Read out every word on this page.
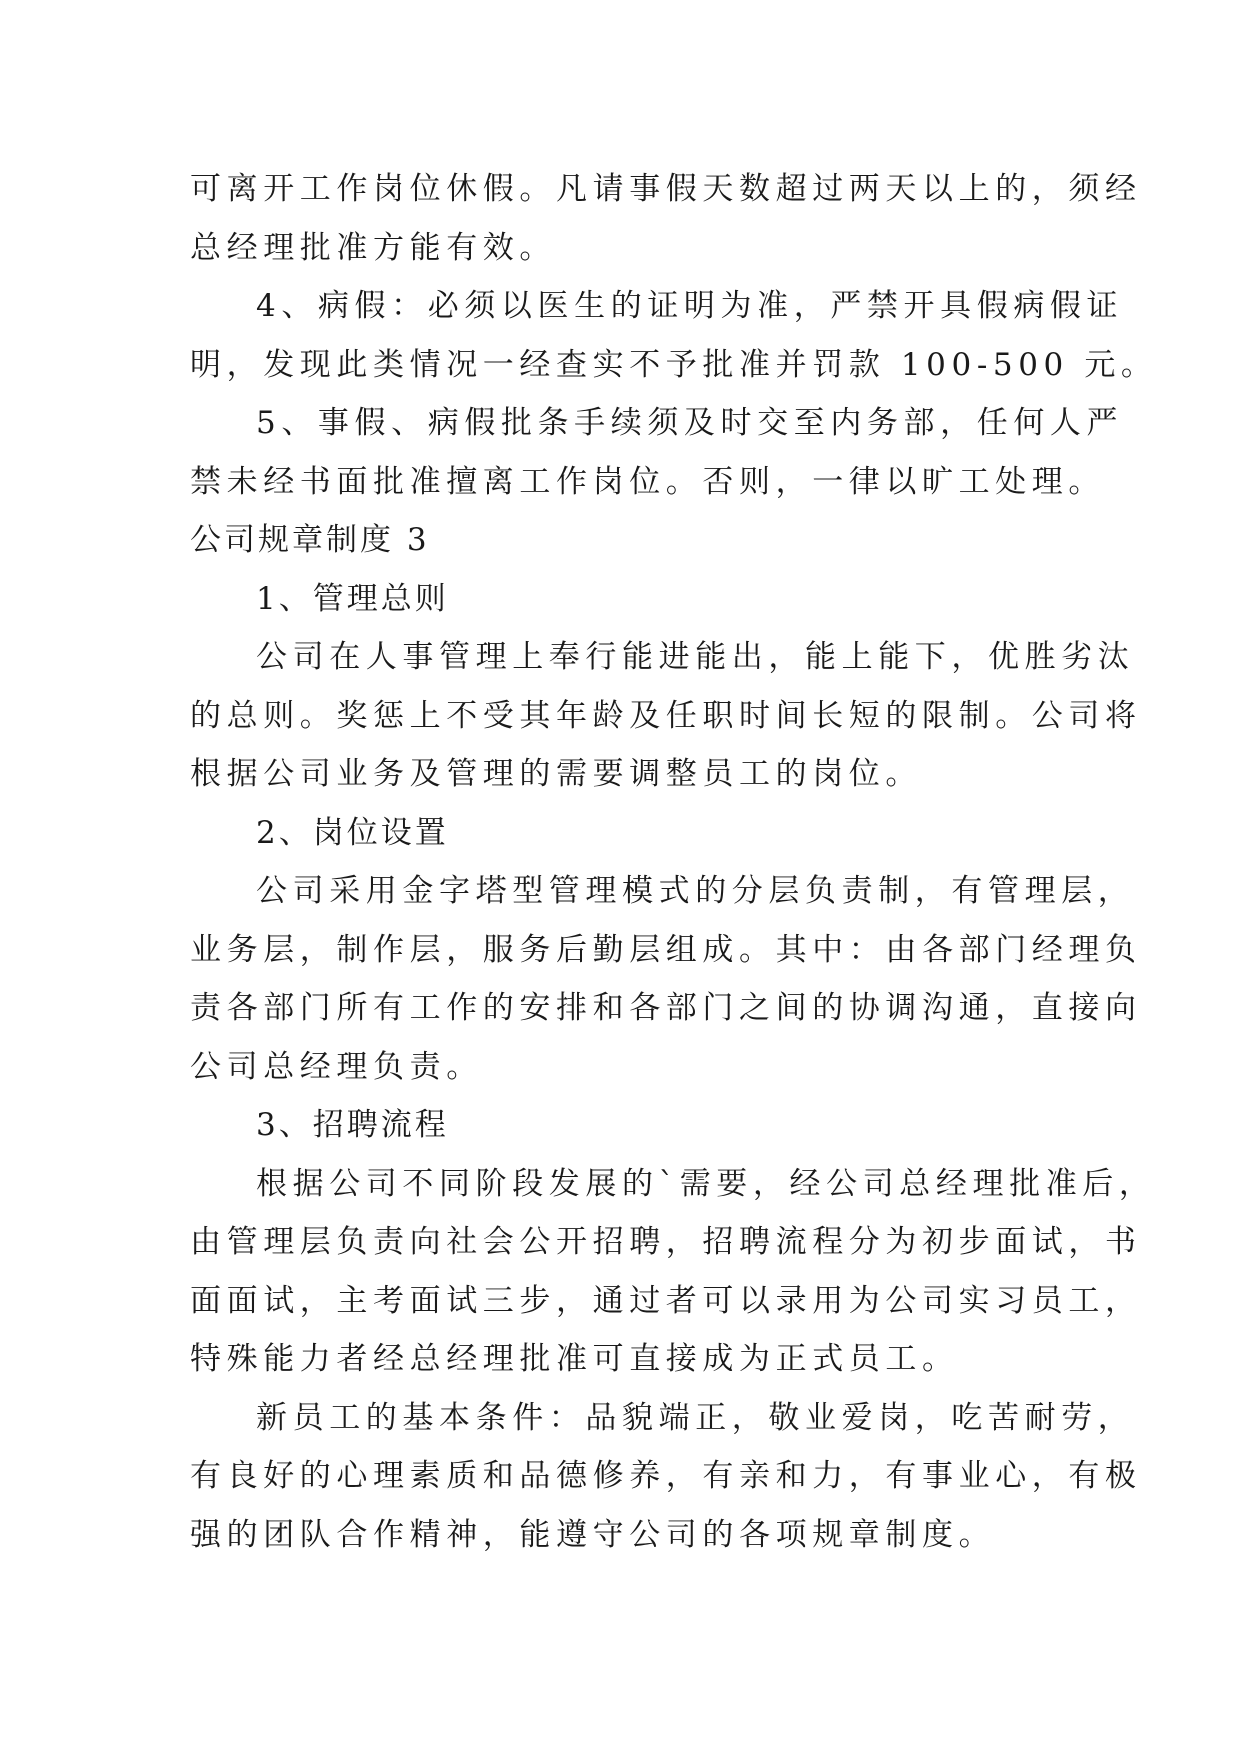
可离开工作岗位休假。凡请事假天数超过两天以上的，须经
总经理批准方能有效。
4、病假：必须以医生的证明为准，严禁开具假病假证
明，发现此类情况一经查实不予批准并罚款 100-500 元。
5、事假、病假批条手续须及时交至内务部，任何人严
禁未经书面批准擅离工作岗位。否则，一律以旷工处理。
公司规章制度 3
1、管理总则
公司在人事管理上奉行能进能出，能上能下，优胜劣汰
的总则。奖惩上不受其年龄及任职时间长短的限制。公司将
根据公司业务及管理的需要调整员工的岗位。
2、岗位设置
公司采用金字塔型管理模式的分层负责制，有管理层，
业务层，制作层，服务后勤层组成。其中：由各部门经理负
责各部门所有工作的安排和各部门之间的协调沟通，直接向
公司总经理负责。
3、招聘流程
根据公司不同阶段发展的`需要，经公司总经理批准后，
由管理层负责向社会公开招聘，招聘流程分为初步面试，书
面面试，主考面试三步，通过者可以录用为公司实习员工，
特殊能力者经总经理批准可直接成为正式员工。
新员工的基本条件：品貌端正，敬业爱岗，吃苦耐劳，
有良好的心理素质和品德修养，有亲和力，有事业心，有极
强的团队合作精神，能遵守公司的各项规章制度。
